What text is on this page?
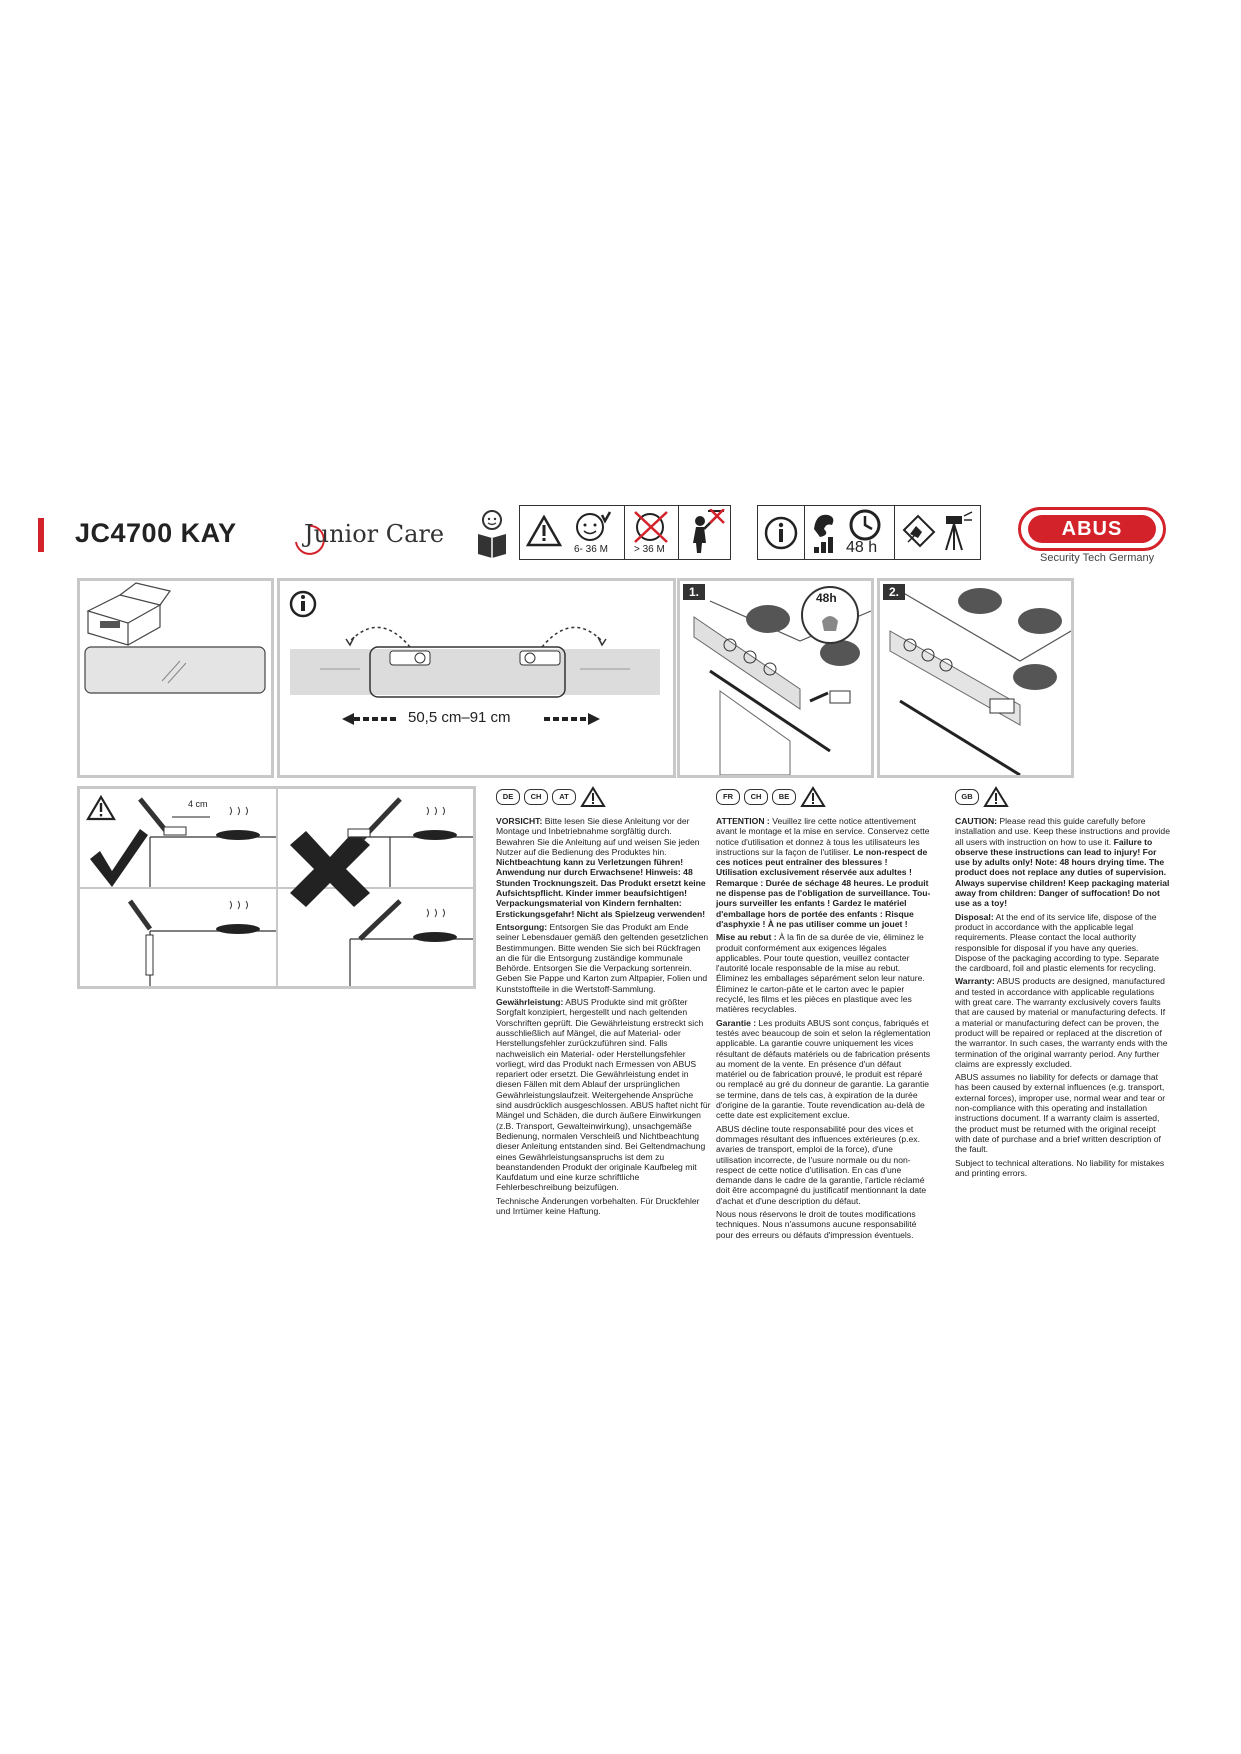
JC4700 KAY	Junior Care
6- 36 M	> 36 M	48 h
ABUS
Security Tech Germany
50,5 cm–91 cm
1.	48h	2.
4 cm
DE	CH	AT

VORSICHT: Bitte lesen Sie diese Anleitung vor der Montage und Inbetriebnahme sorgfältig durch. Bewahren Sie die Anleitung auf und weisen Sie jeden Nutzer auf die Bedienung des Produktes hin. Nichtbeachtung kann zu Verletzungen führen! Anwendung nur durch Erwachsene! Hinweis: 48 Stunden Trocknungszeit. Das Produkt ersetzt keine Aufsichtspflicht. Kinder immer beaufsichtigen! Verpackungsmaterial von Kindern fernhalten: Erstickungsgefahr! Nicht als Spielzeug verwenden!

Entsorgung: Entsorgen Sie das Produkt am Ende seiner Lebensdauer gemäß den geltenden gesetzlichen Bestimmungen. Bitte wenden Sie sich bei Rückfragen an die für die Entsorgung zuständige kommunale Behörde. Entsorgen Sie die Verpackung sortenrein. Geben Sie Pappe und Karton zum Altpapier, Folien und Kunststoffteile in die Wertstoff-Sammlung.

Gewährleistung: ABUS Produkte sind mit größter Sorgfalt konzipiert, hergestellt und nach geltenden Vorschriften geprüft. Die Gewährleistung erstreckt sich ausschließlich auf Mängel, die auf Material- oder Herstellungsfehler zurückzuführen sind. Falls nachweislich ein Material- oder Herstellungsfehler vorliegt, wird das Produkt nach Ermessen von ABUS repariert oder ersetzt. Die Gewährleistung endet in diesen Fällen mit dem Ablauf der ursprünglichen Gewährleistungslaufzeit. Weitergehende Ansprüche sind ausdrücklich ausgeschlossen. ABUS haftet nicht für Mängel und Schäden, die durch äußere Einwirkungen (z.B. Transport, Gewalteinwirkung), unsachgemäße Bedienung, normalen Verschleiß und Nichtbeachtung dieser Anleitung entstanden sind. Bei Geltendmachung eines Gewährleistungsanspruchs ist dem zu beanstandenden Produkt der originale Kaufbeleg mit Kaufdatum und eine kurze schriftliche Fehlerbeschreibung beizufügen.

Technische Änderungen vorbehalten. Für Druckfehler und Irrtümer keine Haftung.

FR	CH	BE

ATTENTION : Veuillez lire cette notice attentivement avant le montage et la mise en service. Conservez cette notice d'utilisation et donnez à tous les utilisateurs les instructions sur la façon de l'utiliser. Le non-respect de ces notices peut entraîner des blessures ! Utilisation exclusivement réservée aux adultes ! Remarque : Durée de séchage 48 heures. Le produit ne dispense pas de l'obligation de surveillance. Tou- jours surveiller les enfants ! Gardez le matériel d'emballage hors de portée des enfants : Risque d'asphyxie ! À ne pas utiliser comme un jouet !

Mise au rebut : À la fin de sa durée de vie, éliminez le produit conformément aux exigences légales applicables. Pour toute question, veuillez contacter l'autorité locale responsable de la mise au rebut. Éliminez les emballages séparément selon leur nature. Éliminez le carton-pâte et le carton avec le papier recyclé, les films et les pièces en plastique avec les matières recyclables.

Garantie : Les produits ABUS sont conçus, fabriqués et testés avec beaucoup de soin et selon la réglementation applicable. La garantie couvre uniquement les vices résultant de défauts matériels ou de fabrication présents au moment de la vente. En présence d'un défaut matériel ou de fabrication prouvé, le produit est réparé ou remplacé au gré du donneur de garantie. La garantie se termine, dans de tels cas, à expiration de la durée d'origine de la garantie. Toute revendication au-delà de cette date est explicitement exclue.

ABUS décline toute responsabilité pour des vices et dommages résultant des influences extérieures (p.ex. avaries de transport, emploi de la force), d'une utilisation incorrecte, de l'usure normale ou du non-respect de cette notice d'utilisation. En cas d'une demande dans le cadre de la garantie, l'article réclamé doit être accompagné du justificatif mentionnant la date d'achat et d'une description du défaut.

Nous nous réservons le droit de toutes modifications techniques. Nous n'assumons aucune responsabilité pour des erreurs ou défauts d'impression éventuels.

GB

CAUTION: Please read this guide carefully before installation and use. Keep these instructions and provide all users with instruction on how to use it. Failure to observe these instructions can lead to injury! For use by adults only! Note: 48 hours drying time. The product does not replace any duties of supervision. Always supervise children! Keep packaging material away from children: Danger of suffocation! Do not use as a toy!

Disposal: At the end of its service life, dispose of the product in accordance with the applicable legal requirements. Please contact the local authority responsible for disposal if you have any queries. Dispose of the packaging according to type. Separate the cardboard, foil and plastic elements for recycling.

Warranty: ABUS products are designed, manufactured and tested in accordance with applicable regulations with great care. The warranty exclusively covers faults that are caused by material or manufacturing defects. If a material or manufacturing defect can be proven, the product will be repaired or replaced at the discretion of the warrantor. In such cases, the warranty ends with the termination of the original warranty period. Any further claims are expressly excluded.

ABUS assumes no liability for defects or damage that has been caused by external influences (e.g. transport, external forces), improper use, normal wear and tear or non-compliance with this operating and installation instructions document. If a warranty claim is asserted, the product must be returned with the original receipt with date of purchase and a brief written description of the fault.

Subject to technical alterations. No liability for mistakes and printing errors.
